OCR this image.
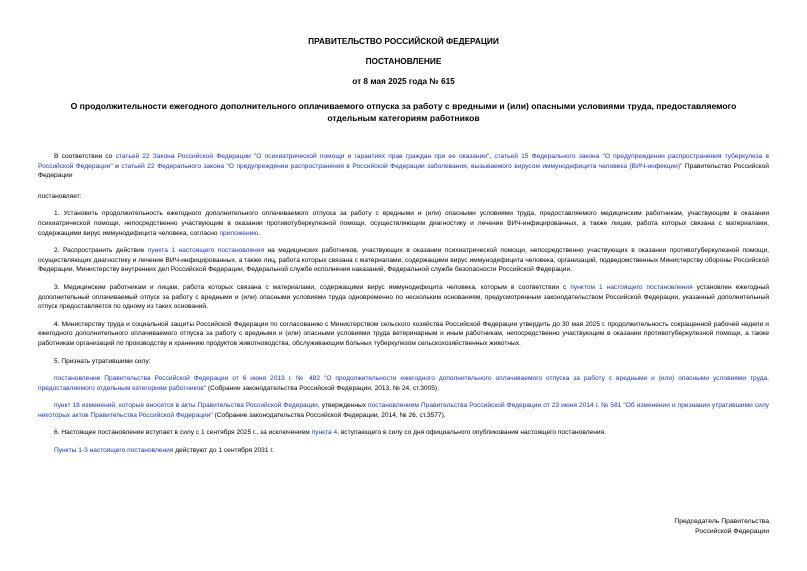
ПРАВИТЕЛЬСТВО РОССИЙСКОЙ ФЕДЕРАЦИИ
ПОСТАНОВЛЕНИЕ
от 8 мая 2025 года № 615
О продолжительности ежегодного дополнительного оплачиваемого отпуска за работу с вредными и (или) опасными условиями труда, предоставляемого отдельным категориям работников

В соответствии со статьей 22 Закона Российской Федерации "О психиатрической помощи и гарантиях прав граждан при ее оказании", статьей 15 Федерального закона "О предупреждении распространения туберкулеза в Российской Федерации" и статьей 22 Федерального закона "О предупреждении распространения в Российской Федерации заболевания, вызываемого вирусом иммунодефицита человека (ВИЧ-инфекции)" Правительство Российской Федерации

постановляет:

1. Установить продолжительность ежегодного дополнительного оплачиваемого отпуска за работу с вредными и (или) опасными условиями труда, предоставляемого медицинским работникам, участвующим в оказании психиатрической помощи, непосредственно участвующим в оказании противотуберкулезной помощи, осуществляющим диагностику и лечение ВИЧ-инфицированных, а также лицам, работа которых связана с материалами, содержащими вирус иммунодефицита человека, согласно приложению.

2. Распространить действие пункта 1 настоящего постановления на медицинских работников, участвующих в оказании психиатрической помощи, непосредственно участвующих в оказании противотуберкулезной помощи, осуществляющих диагностику и лечение ВИЧ-инфицированных, а также лиц, работа которых связана с материалами, содержащими вирус иммунодефицита человека, организаций, подведомственных Министерству обороны Российской Федерации, Министерству внутренних дел Российской Федерации, Федеральной службе исполнения наказаний, Федеральной службе безопасности Российской Федерации.

3. Медицинским работникам и лицам, работа которых связана с материалами, содержащими вирус иммунодефицита человека, которым в соответствии с пунктом 1 настоящего постановления установлен ежегодный дополнительный оплачиваемый отпуск за работу с вредными и (или) опасными условиями труда одновременно по нескольким основаниям, предусмотренным законодательством Российской Федерации, указанный дополнительный отпуск предоставляется по одному из таких оснований.

4. Министерству труда и социальной защиты Российской Федерации по согласованию с Министерством сельского хозяйства Российской Федерации утвердить до 30 мая 2025 г. продолжительность сокращенной рабочей недели и ежегодного дополнительного оплачиваемого отпуска за работу с вредными и (или) опасными условиями труда ветеринарным и иным работникам, непосредственно участвующим в оказании противотуберкулезной помощи, а также работникам организаций по производству и хранению продуктов животноводства, обслуживающим больных туберкулезом сельскохозяйственных животных.

5. Признать утратившими силу:

постановление Правительства Российской Федерации от 6 июня 2013 г. № 482 "О продолжительности ежегодного дополнительного оплачиваемого отпуска за работу с вредными и (или) опасными условиями труда, предоставляемого отдельным категориям работников" (Собрание законодательства Российской Федерации, 2013, № 24, ст.3005);

пункт 18 изменений, которые вносятся в акты Правительства Российской Федерации, утвержденных постановлением Правительства Российской Федерации от 23 июня 2014 г. № 581 "Об изменении и признании утратившими силу некоторых актов Правительства Российской Федерации" (Собрание законодательства Российской Федерации, 2014, № 26, ст.3577).

6. Настоящее постановление вступает в силу с 1 сентября 2025 г., за исключением пункта 4, вступающего в силу со дня официального опубликования настоящего постановления.

Пункты 1-3 настоящего постановления действуют до 1 сентября 2031 г.

Председатель Правительства
Российской Федерации
